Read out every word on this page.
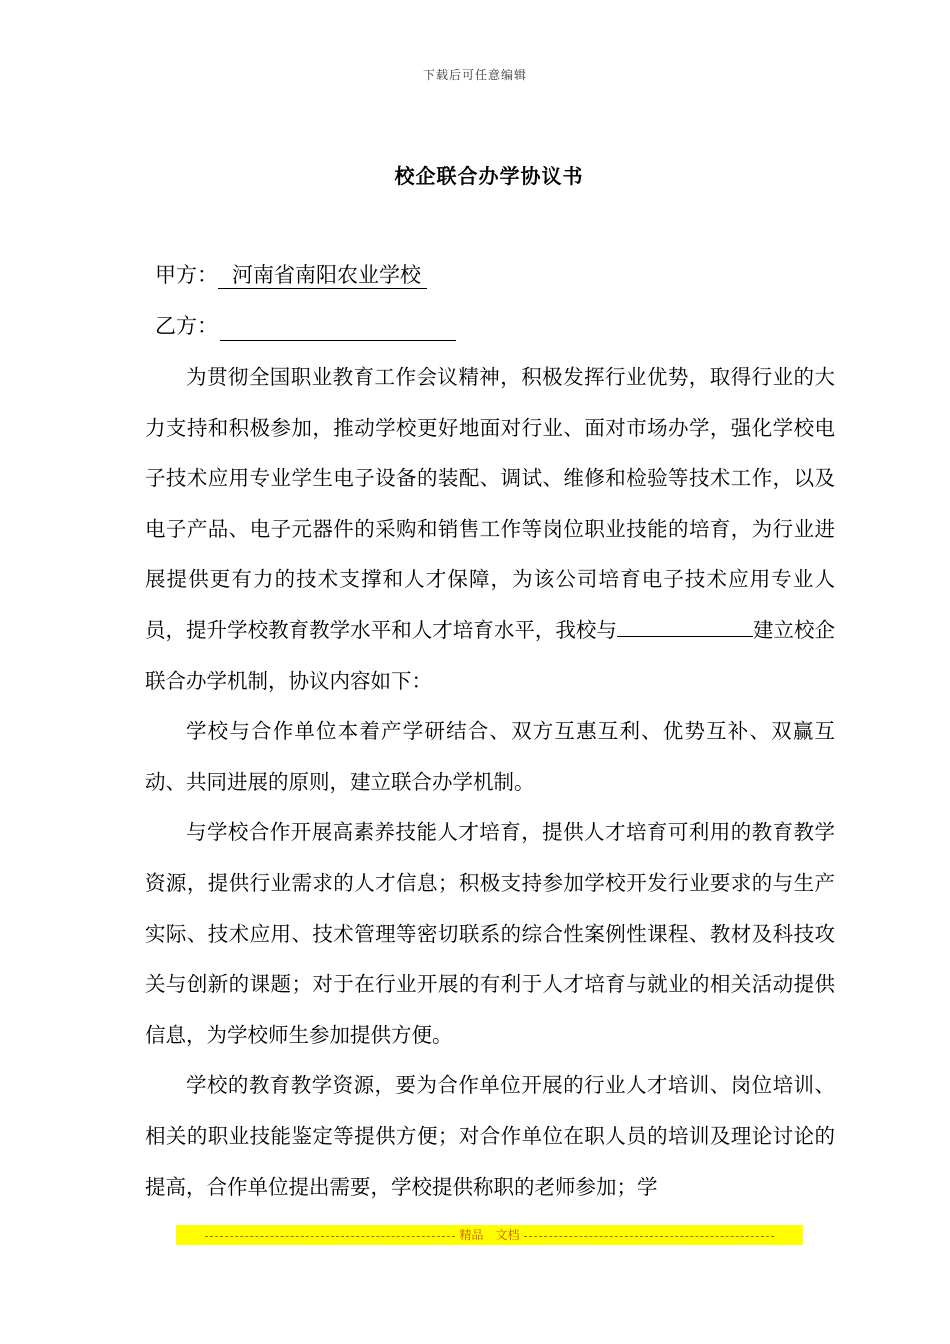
下载后可任意编辑
校企联合办学协议书
甲方： 河南省南阳农业学校
乙方：

为贯彻全国职业教育工作会议精神，积极发挥行业优势，取得行业的大力支持和积极参加，推动学校更好地面对行业、面对市场办学，强化学校电子技术应用专业学生电子设备的装配、调试、维修和检验等技术工作，以及电子产品、电子元器件的采购和销售工作等岗位职业技能的培育，为行业进展提供更有力的技术支撑和人才保障，为该公司培育电子技术应用专业人员，提升学校教育教学水平和人才培育水平，我校与	建立校企联合办学机制，协议内容如下：

学校与合作单位本着产学研结合、双方互惠互利、优势互补、双赢互动、共同进展的原则，建立联合办学机制。

与学校合作开展高素养技能人才培育，提供人才培育可利用的教育教学资源，提供行业需求的人才信息；积极支持参加学校开发行业要求的与生产实际、技术应用、技术管理等密切联系的综合性案例性课程、教材及科技攻关与创新的课题；对于在行业开展的有利于人才培育与就业的相关活动提供信息，为学校师生参加提供方便。

学校的教育教学资源，要为合作单位开展的行业人才培训、岗位培训、相关的职业技能鉴定等提供方便；对合作单位在职人员的培训及理论讨论的提高，合作单位提出需要，学校提供称职的老师参加；学

精品　文档
